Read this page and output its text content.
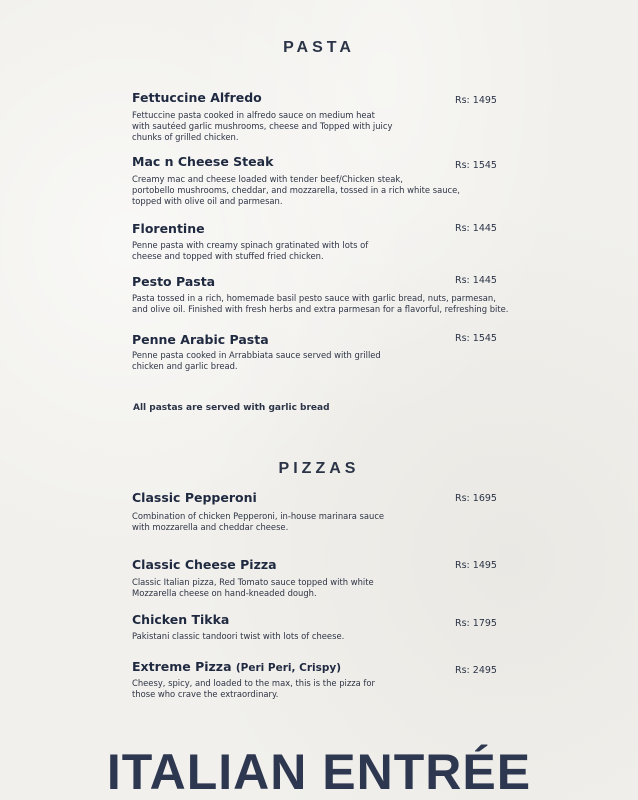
PASTA
Fettuccine Alfredo	Rs: 1495
Fettuccine pasta cooked in alfredo sauce on medium heat
with sautéed garlic mushrooms, cheese and Topped with juicy
chunks of grilled chicken.
Mac n Cheese Steak	Rs: 1545
Creamy mac and cheese loaded with tender beef/Chicken steak,
portobello mushrooms, cheddar, and mozzarella, tossed in a rich white sauce,
topped with olive oil and parmesan.
Florentine	Rs: 1445
Penne pasta with creamy spinach gratinated with lots of
cheese and topped with stuffed fried chicken.
Pesto Pasta	Rs: 1445
Pasta tossed in a rich, homemade basil pesto sauce with garlic bread, nuts, parmesan,
and olive oil. Finished with fresh herbs and extra parmesan for a flavorful, refreshing bite.
Penne Arabic Pasta	Rs: 1545
Penne pasta cooked in Arrabbiata sauce served with grilled
chicken and garlic bread.
All pastas are served with garlic bread
PIZZAS
Classic Pepperoni	Rs: 1695
Combination of chicken Pepperoni, in-house marinara sauce
with mozzarella and cheddar cheese.
Classic Cheese Pizza	Rs: 1495
Classic Italian pizza, Red Tomato sauce topped with white
Mozzarella cheese on hand-kneaded dough.
Chicken Tikka	Rs: 1795
Pakistani classic tandoori twist with lots of cheese.
Extreme Pizza (Peri Peri, Crispy)	Rs: 2495
Cheesy, spicy, and loaded to the max, this is the pizza for
those who crave the extraordinary.
ITALIAN ENTRÉE
